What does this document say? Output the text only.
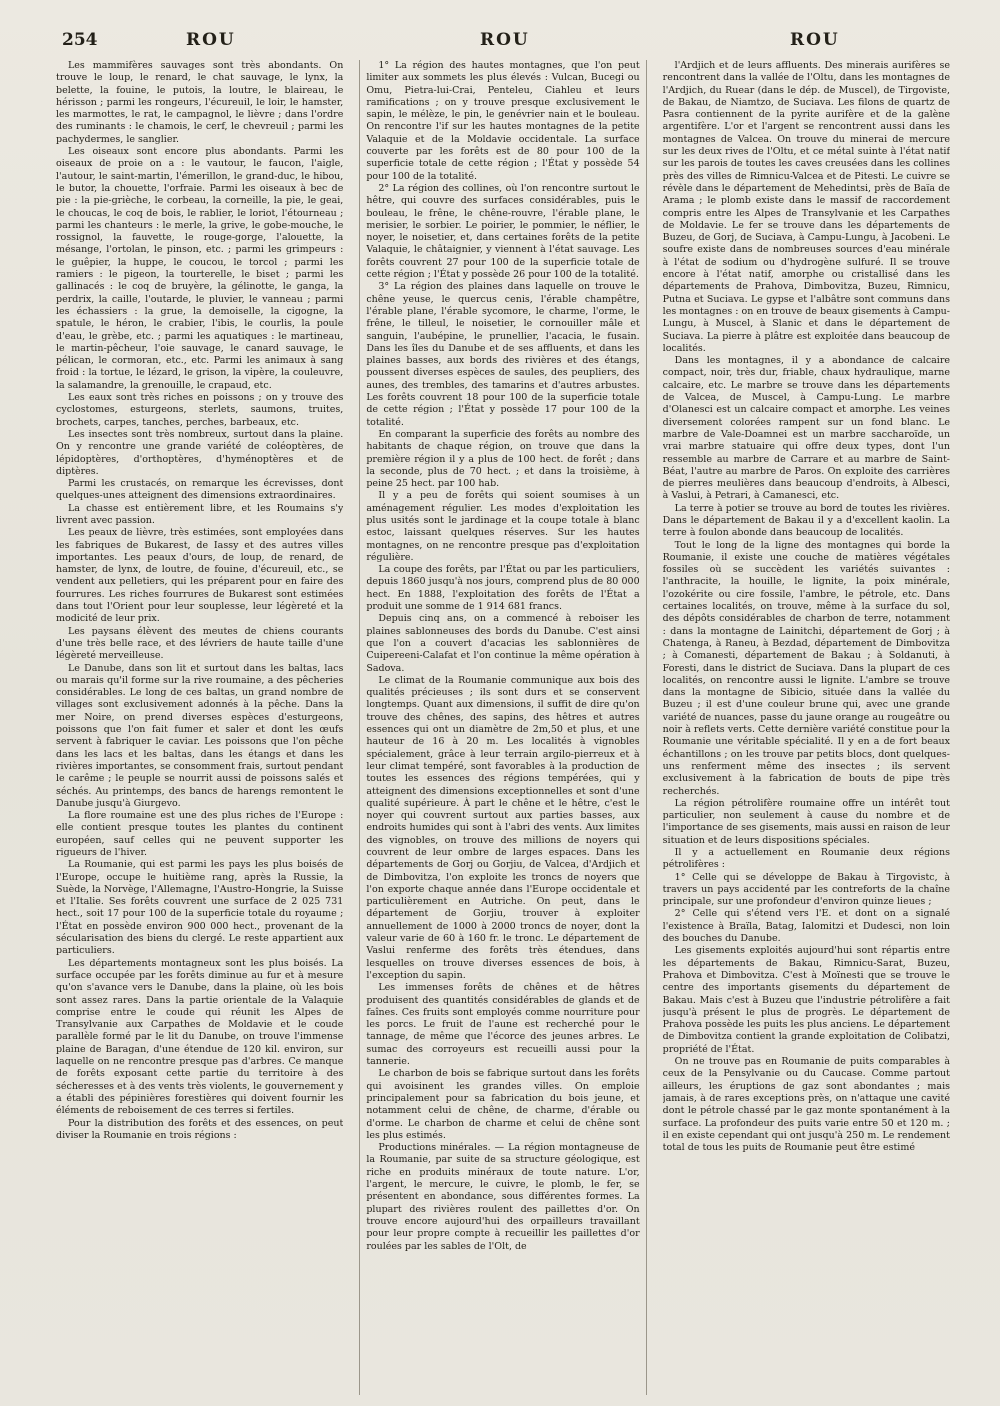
254	ROU	ROU	ROU

Les mammifères sauvages sont très abondants. On trouve le loup, le renard, le chat sauvage, le lynx, la belette, la fouine, le putois, la loutre, le blaireau, le hérisson ; parmi les rongeurs, l'écureuil, le loir, le hamster, les marmottes, le rat, le campagnol, le lièvre ; dans l'ordre des ruminants : le chamois, le cerf, le chevreuil ; parmi les pachydermes, le sanglier.

Les oiseaux sont encore plus abondants. Parmi les oiseaux de proie on a : le vautour, le faucon, l'aigle, l'autour, le saint-martin, l'émerillon, le grand-duc, le hibou, le butor, la chouette, l'orfraie. Parmi les oiseaux à bec de pie : la pie-grièche, le corbeau, la corneille, la pie, le geai, le choucas, le coq de bois, le rablier, le loriot, l'étourneau ; parmi les chanteurs : le merle, la grive, le gobe-mouche, le rossignol, la fauvette, le rouge-gorge, l'alouette, la mésange, l'ortolan, le pinson, etc. ; parmi les grimpeurs : le guêpier, la huppe, le coucou, le torcol ; parmi les ramiers : le pigeon, la tourterelle, le biset ; parmi les gallinacés : le coq de bruyère, la gélinotte, le ganga, la perdrix, la caille, l'outarde, le pluvier, le vanneau ; parmi les échassiers : la grue, la demoiselle, la cigogne, la spatule, le héron, le crabier, l'ibis, le courlis, la poule d'eau, le grèbe, etc. ; parmi les aquatiques : le martineau, le martin-pêcheur, l'oie sauvage, le canard sauvage, le pélican, le cormoran, etc., etc. Parmi les animaux à sang froid : la tortue, le lézard, le grison, la vipère, la couleuvre, la salamandre, la grenouille, le crapaud, etc.

Les eaux sont très riches en poissons ; on y trouve des cyclostomes, esturgeons, sterlets, saumons, truites, brochets, carpes, tanches, perches, barbeaux, etc.

Les insectes sont très nombreux, surtout dans la plaine. On y rencontre une grande variété de coléoptères, de lépidoptères, d'orthoptères, d'hyménoptères et de diptères.

Parmi les crustacés, on remarque les écrevisses, dont quelques-unes atteignent des dimensions extraordinaires.

La chasse est entièrement libre, et les Roumains s'y livrent avec passion.

Les peaux de lièvre, très estimées, sont employées dans les fabriques de Bukarest, de Iassy et des autres villes importantes. Les peaux d'ours, de loup, de renard, de hamster, de lynx, de loutre, de fouine, d'écureuil, etc., se vendent aux pelletiers, qui les préparent pour en faire des fourrures. Les riches fourrures de Bukarest sont estimées dans tout l'Orient pour leur souplesse, leur légèreté et la modicité de leur prix.

Les paysans élèvent des meutes de chiens courants d'une très belle race, et des lévriers de haute taille d'une légèreté merveilleuse.

Le Danube, dans son lit et surtout dans les baltas, lacs ou marais qu'il forme sur la rive roumaine, a des pêcheries considérables. Le long de ces baltas, un grand nombre de villages sont exclusivement adonnés à la pêche. Dans la mer Noire, on prend diverses espèces d'esturgeons, poissons que l'on fait fumer et saler et dont les œufs servent à fabriquer le caviar. Les poissons que l'on pêche dans les lacs et les baltas, dans les étangs et dans les rivières importantes, se consomment frais, surtout pendant le carême ; le peuple se nourrit aussi de poissons salés et séchés. Au printemps, des bancs de harengs remontent le Danube jusqu'à Giurgevo.

La flore roumaine est une des plus riches de l'Europe : elle contient presque toutes les plantes du continent européen, sauf celles qui ne peuvent supporter les rigueurs de l'hiver.

La Roumanie, qui est parmi les pays les plus boisés de l'Europe, occupe le huitième rang, après la Russie, la Suède, la Norvège, l'Allemagne, l'Austro-Hongrie, la Suisse et l'Italie. Ses forêts couvrent une surface de 2 025 731 hect., soit 17 pour 100 de la superficie totale du royaume ; l'État en possède environ 900 000 hect., provenant de la sécularisation des biens du clergé. Le reste appartient aux particuliers.

Les départements montagneux sont les plus boisés. La surface occupée par les forêts diminue au fur et à mesure qu'on s'avance vers le Danube, dans la plaine, où les bois sont assez rares. Dans la partie orientale de la Valaquie comprise entre le coude qui réunit les Alpes de Transylvanie aux Carpathes de Moldavie et le coude parallèle formé par le lit du Danube, on trouve l'immense plaine de Baragan, d'une étendue de 120 kil. environ, sur laquelle on ne rencontre presque pas d'arbres. Ce manque de forêts exposant cette partie du territoire à des sécheresses et à des vents très violents, le gouvernement y a établi des pépinières forestières qui doivent fournir les éléments de reboisement de ces terres si fertiles.

Pour la distribution des forêts et des essences, on peut diviser la Roumanie en trois régions :

1° La région des hautes montagnes, que l'on peut limiter aux sommets les plus élevés : Vulcan, Bucegi ou Omu, Pietra-lui-Crai, Penteleu, Ciahleu et leurs ramifications ; on y trouve presque exclusivement le sapin, le mélèze, le pin, le genévrier nain et le bouleau. On rencontre l'if sur les hautes montagnes de la petite Valaquie et de la Moldavie occidentale. La surface couverte par les forêts est de 80 pour 100 de la superficie totale de cette région ; l'État y possède 54 pour 100 de la totalité.

2° La région des collines, où l'on rencontre surtout le hêtre, qui couvre des surfaces considérables, puis le bouleau, le frêne, le chêne-rouvre, l'érable plane, le merisier, le sorbier. Le poirier, le pommier, le néflier, le noyer, le noisetier, et, dans certaines forêts de la petite Valaquie, le châtaignier, y viennent à l'état sauvage. Les forêts couvrent 27 pour 100 de la superficie totale de cette région ; l'État y possède 26 pour 100 de la totalité.

3° La région des plaines dans laquelle on trouve le chêne yeuse, le quercus cenis, l'érable champêtre, l'érable plane, l'érable sycomore, le charme, l'orme, le frêne, le tilleul, le noisetier, le cornouiller mâle et sanguin, l'aubépine, le prunellier, l'acacia, le fusain. Dans les îles du Danube et de ses affluents, et dans les plaines basses, aux bords des rivières et des étangs, poussent diverses espèces de saules, des peupliers, des aunes, des trembles, des tamarins et d'autres arbustes. Les forêts couvrent 18 pour 100 de la superficie totale de cette région ; l'État y possède 17 pour 100 de la totalité.

En comparant la superficie des forêts au nombre des habitants de chaque région, on trouve que dans la première région il y a plus de 100 hect. de forêt ; dans la seconde, plus de 70 hect. ; et dans la troisième, à peine 25 hect. par 100 hab.

Il y a peu de forêts qui soient soumises à un aménagement régulier. Les modes d'exploitation les plus usités sont le jardinage et la coupe totale à blanc estoc, laissant quelques réserves. Sur les hautes montagnes, on ne rencontre presque pas d'exploitation régulière.

La coupe des forêts, par l'État ou par les particuliers, depuis 1860 jusqu'à nos jours, comprend plus de 80 000 hect. En 1888, l'exploitation des forêts de l'État a produit une somme de 1 914 681 francs.

Depuis cinq ans, on a commencé à reboiser les plaines sablonneuses des bords du Danube. C'est ainsi que l'on a couvert d'acacias les sablonnières de Cuipereeni-Calafat et l'on continue la même opération à Sadova.

Le climat de la Roumanie communique aux bois des qualités précieuses ; ils sont durs et se conservent longtemps. Quant aux dimensions, il suffit de dire qu'on trouve des chênes, des sapins, des hêtres et autres essences qui ont un diamètre de 2m,50 et plus, et une hauteur de 16 à 20 m. Les localités à vignobles spécialement, grâce à leur terrain argilo-pierreux et à leur climat tempéré, sont favorables à la production de toutes les essences des régions tempérées, qui y atteignent des dimensions exceptionnelles et sont d'une qualité supérieure. À part le chêne et le hêtre, c'est le noyer qui couvrent surtout aux parties basses, aux endroits humides qui sont à l'abri des vents. Aux limites des vignobles, on trouve des millions de noyers qui couvrent de leur ombre de larges espaces. Dans les départements de Gorj ou Gorjiu, de Valcea, d'Ardjich et de Dimbovitza, l'on exploite les troncs de noyers que l'on exporte chaque année dans l'Europe occidentale et particulièrement en Autriche. On peut, dans le département de Gorjiu, trouver à exploiter annuellement de 1000 à 2000 troncs de noyer, dont la valeur varie de 60 à 160 fr. le tronc. Le département de Vaslui renferme des forêts très étendues, dans lesquelles on trouve diverses essences de bois, à l'exception du sapin.

Les immenses forêts de chênes et de hêtres produisent des quantités considérables de glands et de faînes. Ces fruits sont employés comme nourriture pour les porcs. Le fruit de l'aune est recherché pour le tannage, de même que l'écorce des jeunes arbres. Le sumac des corroyeurs est recueilli aussi pour la tannerie.

Le charbon de bois se fabrique surtout dans les forêts qui avoisinent les grandes villes. On emploie principalement pour sa fabrication du bois jeune, et notamment celui de chêne, de charme, d'érable ou d'orme. Le charbon de charme et celui de chêne sont les plus estimés.

Productions minérales. — La région montagneuse de la Roumanie, par suite de sa structure géologique, est riche en produits minéraux de toute nature. L'or, l'argent, le mercure, le cuivre, le plomb, le fer, se présentent en abondance, sous différentes formes. La plupart des rivières roulent des paillettes d'or. On trouve encore aujourd'hui des orpailleurs travaillant pour leur propre compte à recueillir les paillettes d'or roulées par les sables de l'Olt, de

l'Ardjich et de leurs affluents. Des minerais aurifères se rencontrent dans la vallée de l'Oltu, dans les montagnes de l'Ardjich, du Ruear (dans le dép. de Muscel), de Tirgoviste, de Bakau, de Niamtzo, de Suciava. Les filons de quartz de Pasra contiennent de la pyrite aurifère et de la galène argentifère. L'or et l'argent se rencontrent aussi dans les montagnes de Valcea. On trouve du minerai de mercure sur les deux rives de l'Oltu, et ce métal suinte à l'état natif sur les parois de toutes les caves creusées dans les collines près des villes de Rimnicu-Valcea et de Pitesti. Le cuivre se révèle dans le département de Mehedintsi, près de Baïa de Arama ; le plomb existe dans le massif de raccordement compris entre les Alpes de Transylvanie et les Carpathes de Moldavie. Le fer se trouve dans les départements de Buzeu, de Gorj, de Suciava, à Campu-Lungu, à Jacobeni. Le soufre existe dans de nombreuses sources d'eau minérale à l'état de sodium ou d'hydrogène sulfuré. Il se trouve encore à l'état natif, amorphe ou cristallisé dans les départements de Prahova, Dimbovitza, Buzeu, Rimnicu, Putna et Suciava. Le gypse et l'albâtre sont communs dans les montagnes : on en trouve de beaux gisements à Campu-Lungu, à Muscel, à Slanic et dans le département de Suciava. La pierre à plâtre est exploitée dans beaucoup de localités.

Dans les montagnes, il y a abondance de calcaire compact, noir, très dur, friable, chaux hydraulique, marne calcaire, etc. Le marbre se trouve dans les départements de Valcea, de Muscel, à Campu-Lung. Le marbre d'Olanesci est un calcaire compact et amorphe. Les veines diversement colorées rampent sur un fond blanc. Le marbre de Vale-Doamnei est un marbre saccharoïde, un vrai marbre statuaire qui offre deux types, dont l'un ressemble au marbre de Carrare et au marbre de Saint-Béat, l'autre au marbre de Paros. On exploite des carrières de pierres meulières dans beaucoup d'endroits, à Albesci, à Vaslui, à Petrari, à Camanesci, etc.

La terre à potier se trouve au bord de toutes les rivières. Dans le département de Bakau il y a d'excellent kaolin. La terre à foulon abonde dans beaucoup de localités.

Tout le long de la ligne des montagnes qui borde la Roumanie, il existe une couche de matières végétales fossiles où se succèdent les variétés suivantes : l'anthracite, la houille, le lignite, la poix minérale, l'ozokérite ou cire fossile, l'ambre, le pétrole, etc. Dans certaines localités, on trouve, même à la surface du sol, des dépôts considérables de charbon de terre, notamment : dans la montagne de Lainitchi, département de Gorj ; à Chatenga, à Raneu, à Bezdad, département de Dimbovitza ; à Comanesti, département de Bakau ; à Soldanuti, à Foresti, dans le district de Suciava. Dans la plupart de ces localités, on rencontre aussi le lignite. L'ambre se trouve dans la montagne de Sibicio, située dans la vallée du Buzeu ; il est d'une couleur brune qui, avec une grande variété de nuances, passe du jaune orange au rougeâtre ou noir à reflets verts. Cette dernière variété constitue pour la Roumanie une véritable spécialité. Il y en a de fort beaux échantillons ; on les trouve par petits blocs, dont quelques-uns renferment même des insectes ; ils servent exclusivement à la fabrication de bouts de pipe très recherchés.

La région pétrolifère roumaine offre un intérêt tout particulier, non seulement à cause du nombre et de l'importance de ses gisements, mais aussi en raison de leur situation et de leurs dispositions spéciales.

Il y a actuellement en Roumanie deux régions pétrolifères :

1° Celle qui se développe de Bakau à Tirgovistc, à travers un pays accidenté par les contreforts de la chaîne principale, sur une profondeur d'environ quinze lieues ;

2° Celle qui s'étend vers l'E. et dont on a signalé l'existence à Braïla, Batag, Ialomitzi et Dudesci, non loin des bouches du Danube.

Les gisements exploités aujourd'hui sont répartis entre les départements de Bakau, Rimnicu-Sarat, Buzeu, Prahova et Dimbovitza. C'est à Moïnesti que se trouve le centre des importants gisements du département de Bakau. Mais c'est à Buzeu que l'industrie pétrolifère a fait jusqu'à présent le plus de progrès. Le département de Prahova possède les puits les plus anciens. Le département de Dimbovitza contient la grande exploitation de Colibatzi, propriété de l'État.

On ne trouve pas en Roumanie de puits comparables à ceux de la Pensylvanie ou du Caucase. Comme partout ailleurs, les éruptions de gaz sont abondantes ; mais jamais, à de rares exceptions près, on n'attaque une cavité dont le pétrole chassé par le gaz monte spontanément à la surface. La profondeur des puits varie entre 50 et 120 m. ; il en existe cependant qui ont jusqu'à 250 m. Le rendement total de tous les puits de Roumanie peut être estimé
